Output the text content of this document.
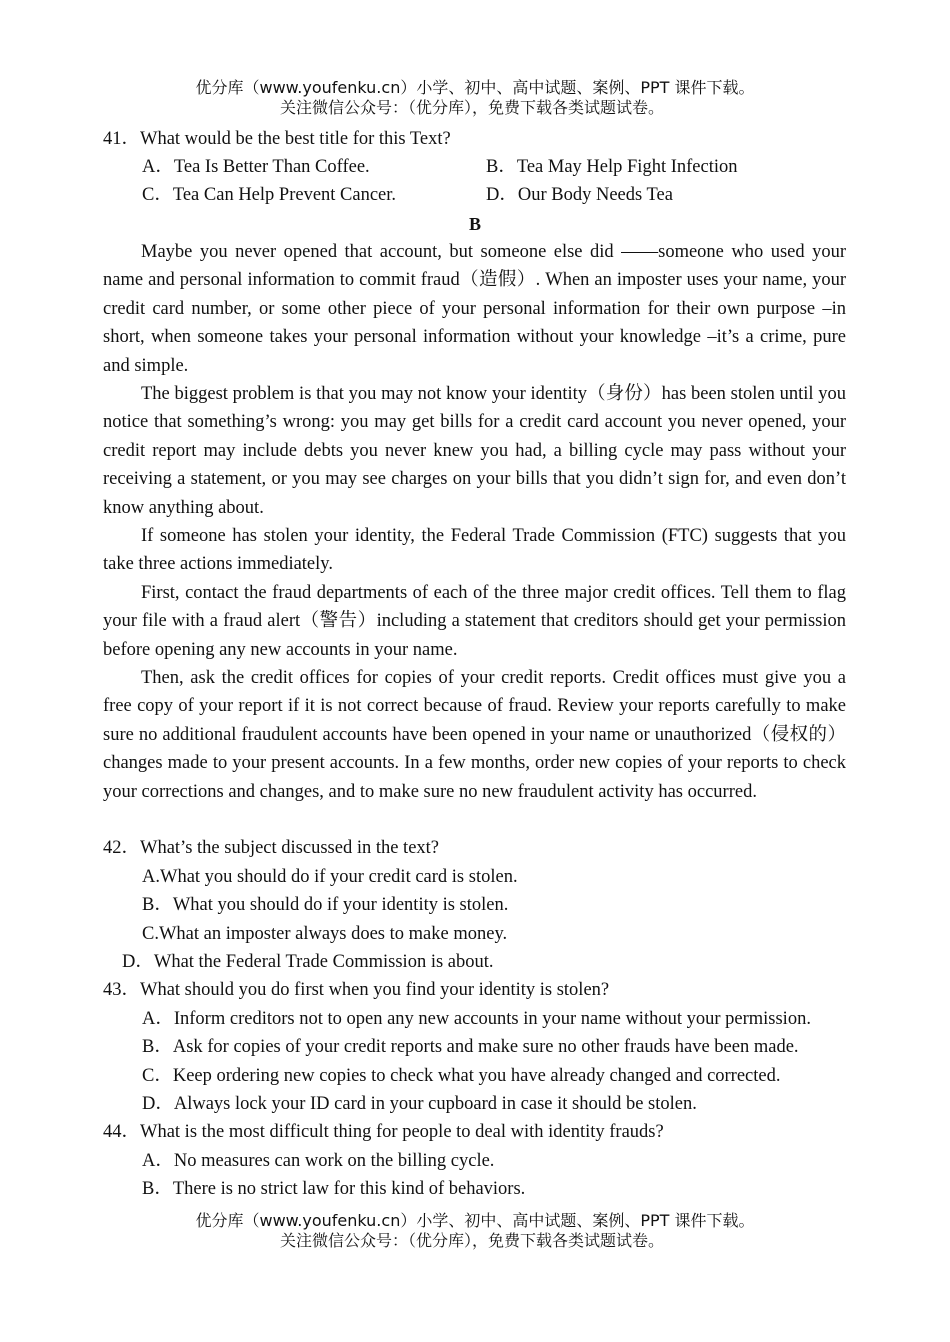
优分库（www.youfenku.cn）小学、初中、高中试题、案例、PPT 课件下载。
关注微信公众号：（优分库），免费下载各类试题试卷。
41．What would be the best title for this Text?
A．Tea Is Better Than Coffee.	B．Tea May Help Fight Infection
C．Tea Can Help Prevent Cancer.	D．Our Body Needs Tea
B
Maybe you never opened that account, but someone else did ——someone who used your name and personal information to commit fraud（造假）. When an imposter uses your name, your credit card number, or some other piece of your personal information for their own purpose –in short, when someone takes your personal information without your knowledge –it’s a crime, pure and simple.
The biggest problem is that you may not know your identity（身份）has been stolen until you notice that something’s wrong: you may get bills for a credit card account you never opened, your credit report may include debts you never knew you had, a billing cycle may pass without your receiving a statement, or you may see charges on your bills that you didn’t sign for, and even don’t know anything about.
If someone has stolen your identity, the Federal Trade Commission (FTC) suggests that you take three actions immediately.
First, contact the fraud departments of each of the three major credit offices. Tell them to flag your file with a fraud alert（警告）including a statement that creditors should get your permission before opening any new accounts in your name.
Then, ask the credit offices for copies of your credit reports. Credit offices must give you a free copy of your report if it is not correct because of fraud. Review your reports carefully to make sure no additional fraudulent accounts have been opened in your name or unauthorized（侵权的）changes made to your present accounts. In a few months, order new copies of your reports to check your corrections and changes, and to make sure no new fraudulent activity has occurred.
42．What’s the subject discussed in the text?
A.What you should do if your credit card is stolen.
B．What you should do if your identity is stolen.
C.What an imposter always does to make money.
D．What the Federal Trade Commission is about.
43．What should you do first when you find your identity is stolen?
A．Inform creditors not to open any new accounts in your name without your permission.
B．Ask for copies of your credit reports and make sure no other frauds have been made.
C．Keep ordering new copies to check what you have already changed and corrected.
D．Always lock your ID card in your cupboard in case it should be stolen.
44．What is the most difficult thing for people to deal with identity frauds?
A．No measures can work on the billing cycle.
B．There is no strict law for this kind of behaviors.
优分库（www.youfenku.cn）小学、初中、高中试题、案例、PPT 课件下载。
关注微信公众号：（优分库），免费下载各类试题试卷。
